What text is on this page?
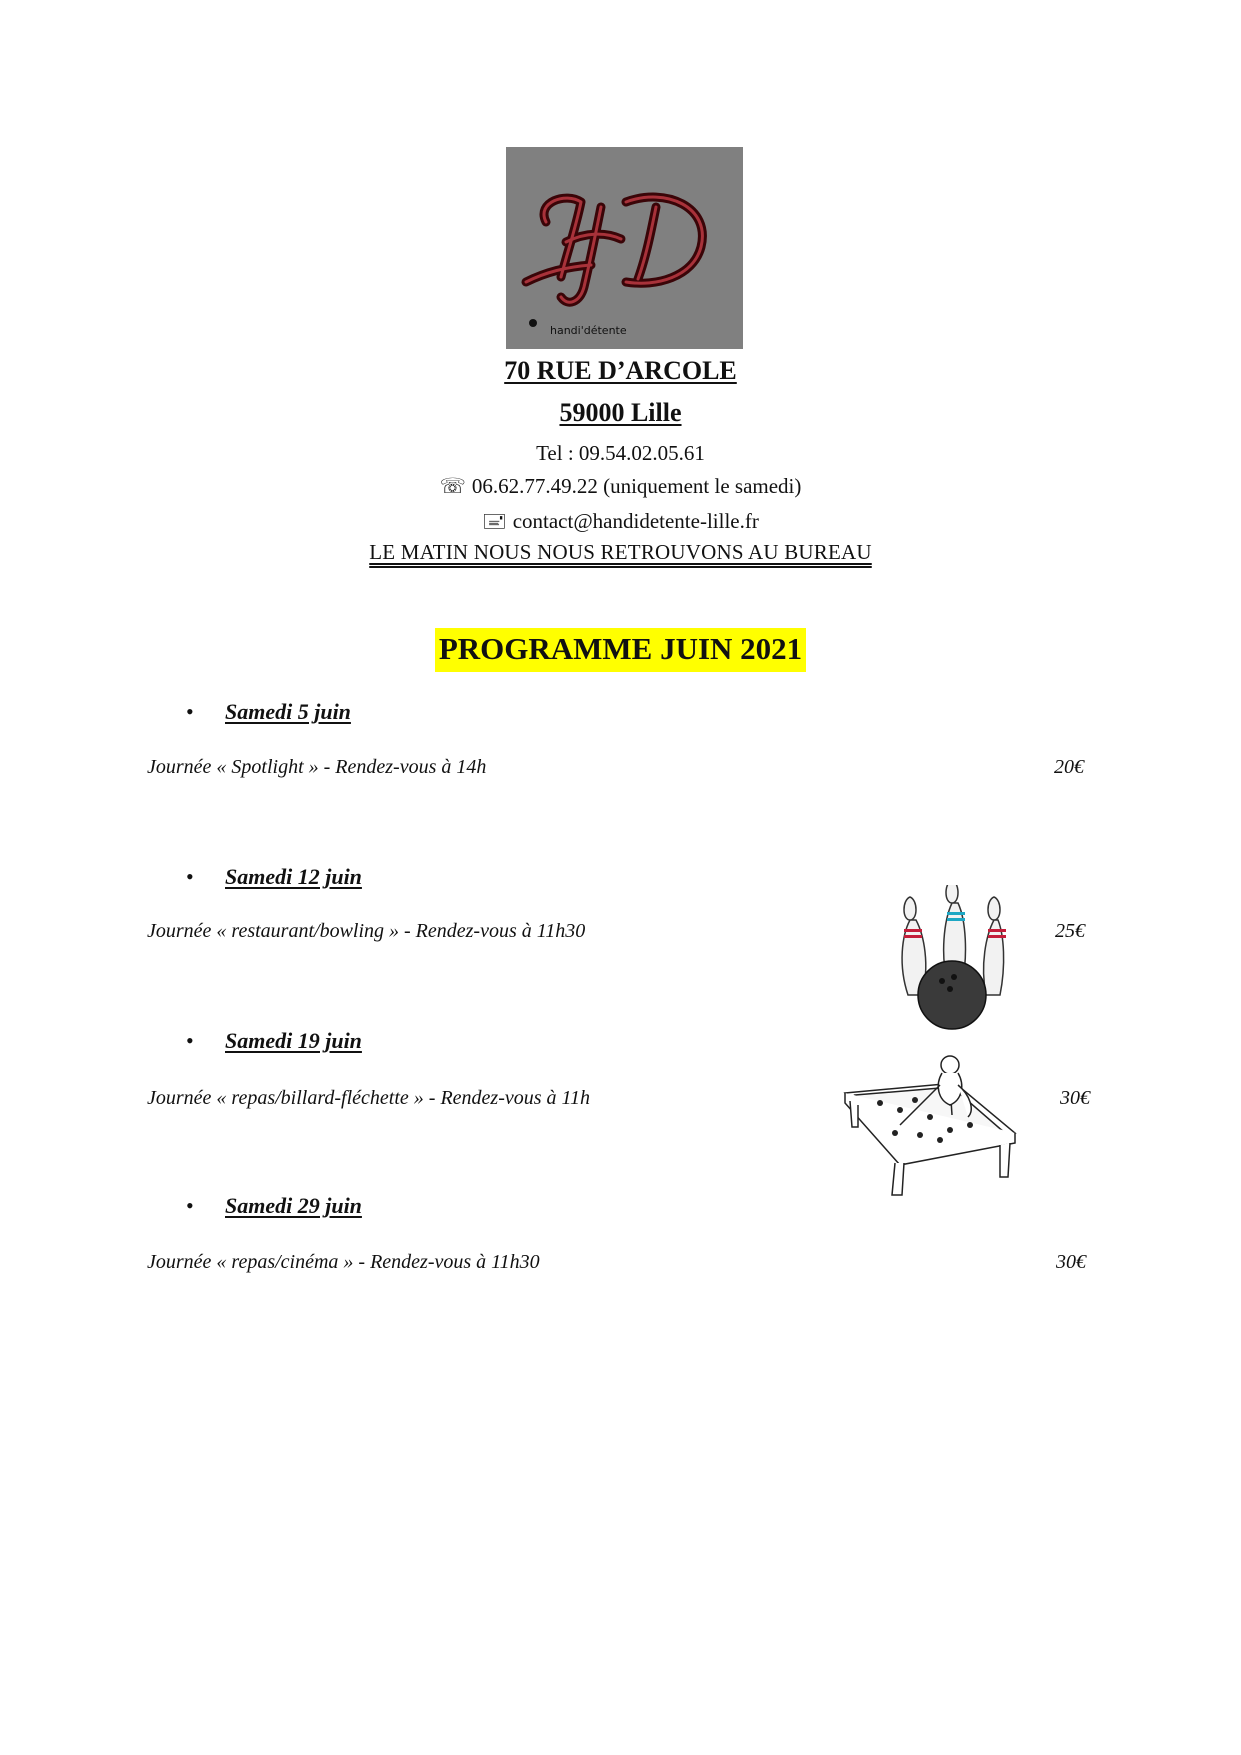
handi'détente
70 RUE D’ARCOLE
59000 Lille
Tel : 09.54.02.05.61
☏ 06.62.77.49.22 (uniquement le samedi)
🖃 contact@handidetente-lille.fr
LE MATIN NOUS NOUS RETROUVONS AU BUREAU
PROGRAMME JUIN 2021
• Samedi 5 juin
Journée « Spotlight » - Rendez-vous à 14h	20€
• Samedi 12 juin
Journée « restaurant/bowling » - Rendez-vous à 11h30	25€
• Samedi 19 juin
Journée « repas/billard-fléchette » - Rendez-vous à 11h	30€
• Samedi 29 juin
Journée « repas/cinéma » - Rendez-vous à 11h30	30€
